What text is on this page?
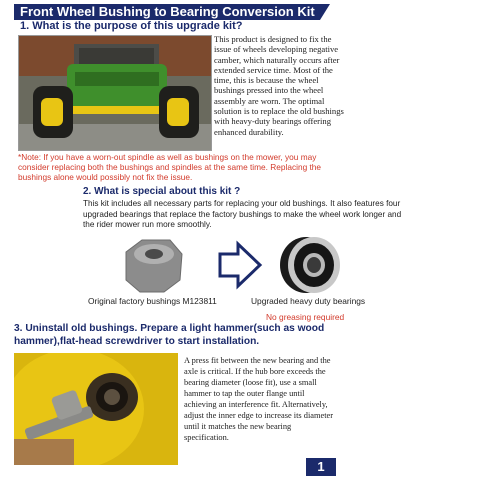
Front Wheel Bushing to Bearing Conversion Kit
1. What is the purpose of this upgrade kit?
This product is designed to fix the issue of wheels developing negative camber, which naturally occurs after extended service time. Most of the time, this is because the wheel bushings pressed into the wheel assembly are worn. The optimal solution is to replace the old bushings with heavy-duty bearings offering enhanced durability.
*Note: If you have a worn-out spindle as well as bushings on the mower, you may consider replacing both the bushings and spindles at the same time. Replacing the bushings alone would possibly not fix the issue.
2. What is special about this kit ?
This kit includes all necessary parts for replacing your old bushings. It also features four upgraded bearings that replace the factory bushings to make the wheel work longer and the rider mower run more smoothly.
Original factory bushings M123811	Upgraded heavy duty bearings
No greasing required
3. Uninstall old bushings. Prepare a light hammer(such as wood hammer),flat-head screwdriver to start installation.
A press fit between the new bearing and the axle is critical. If the hub bore exceeds the bearing diameter (loose fit), use a small hammer to tap the outer flange until achieving an interference fit. Alternatively, adjust the inner edge to increase its diameter until it matches the new bearing specification.
1
